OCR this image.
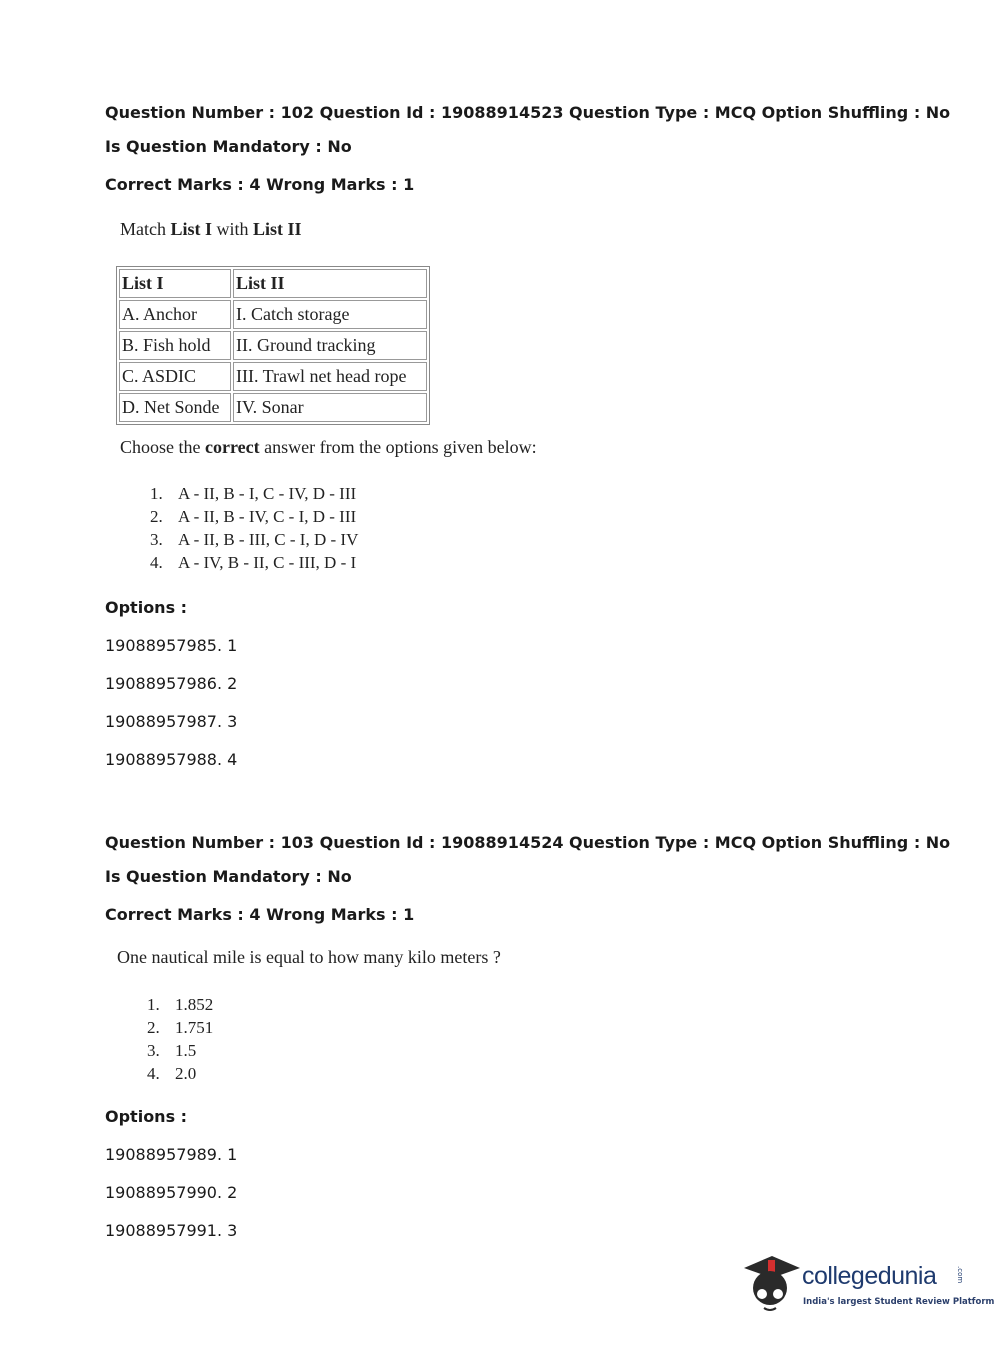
Question Number : 102 Question Id : 19088914523 Question Type : MCQ Option Shuffling : No
Is Question Mandatory : No
Correct Marks : 4 Wrong Marks : 1
Match List I with List II
List I	List II
A. Anchor	I. Catch storage
B. Fish hold	II. Ground tracking
C. ASDIC	III. Trawl net head rope
D. Net Sonde	IV. Sonar
Choose the correct answer from the options given below:
1. A - II, B - I, C - IV, D - III
2. A - II, B - IV, C - I, D - III
3. A - II, B - III, C - I, D - IV
4. A - IV, B - II, C - III, D - I
Options :
19088957985. 1
19088957986. 2
19088957987. 3
19088957988. 4
Question Number : 103 Question Id : 19088914524 Question Type : MCQ Option Shuffling : No
Is Question Mandatory : No
Correct Marks : 4 Wrong Marks : 1
One nautical mile is equal to how many kilo meters ?
1. 1.852
2. 1.751
3. 1.5
4. 2.0
Options :
19088957989. 1
19088957990. 2
19088957991. 3
collegedunia	.com
India's largest Student Review Platform
